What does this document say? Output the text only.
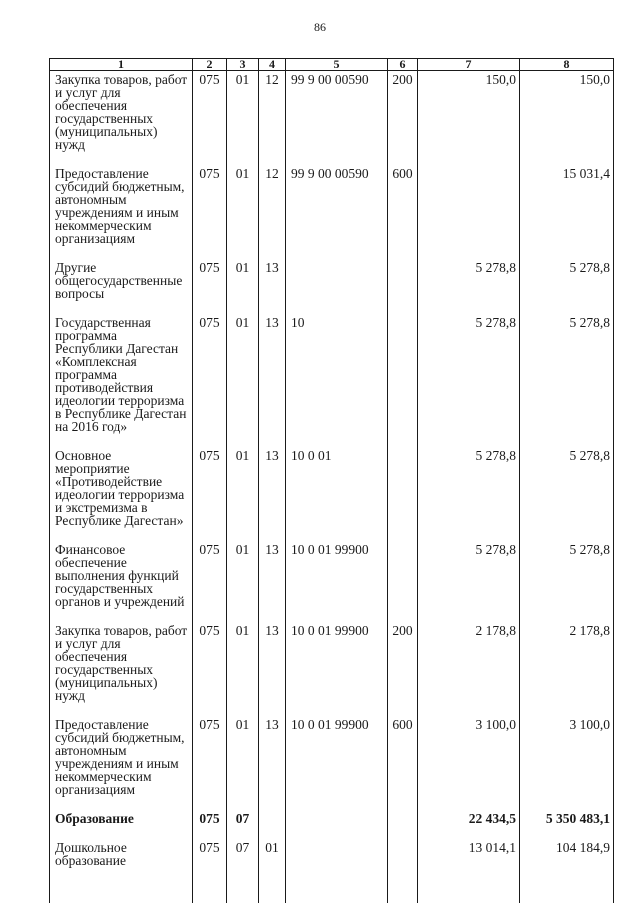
86
1	2	3	4	5	6	7	8
Закупка товаров, работ и услуг для обеспечения государственных (муниципальных) нужд	075	01	12	99 9 00 00590	200	150,0	150,0
Предоставление субсидий бюджетным, автономным учреждениям и иным некоммерческим организациям	075	01	12	99 9 00 00590	600		15 031,4
Другие общегосударственные вопросы	075	01	13			5 278,8	5 278,8
Государственная программа Республики Дагестан «Комплексная программа противодействия идеологии терроризма в Республике Дагестан на 2016 год»	075	01	13	10		5 278,8	5 278,8
Основное мероприятие «Противодействие идеологии терроризма и экстремизма в Республике Дагестан»	075	01	13	10 0 01		5 278,8	5 278,8
Финансовое обеспечение выполнения функций государственных органов и учреждений	075	01	13	10 0 01 99900		5 278,8	5 278,8
Закупка товаров, работ и услуг для обеспечения государственных (муниципальных) нужд	075	01	13	10 0 01 99900	200	2 178,8	2 178,8
Предоставление субсидий бюджетным, автономным учреждениям и иным некоммерческим организациям	075	01	13	10 0 01 99900	600	3 100,0	3 100,0
Образование	075	07				22 434,5	5 350 483,1
Дошкольное образование	075	07	01			13 014,1	104 184,9
